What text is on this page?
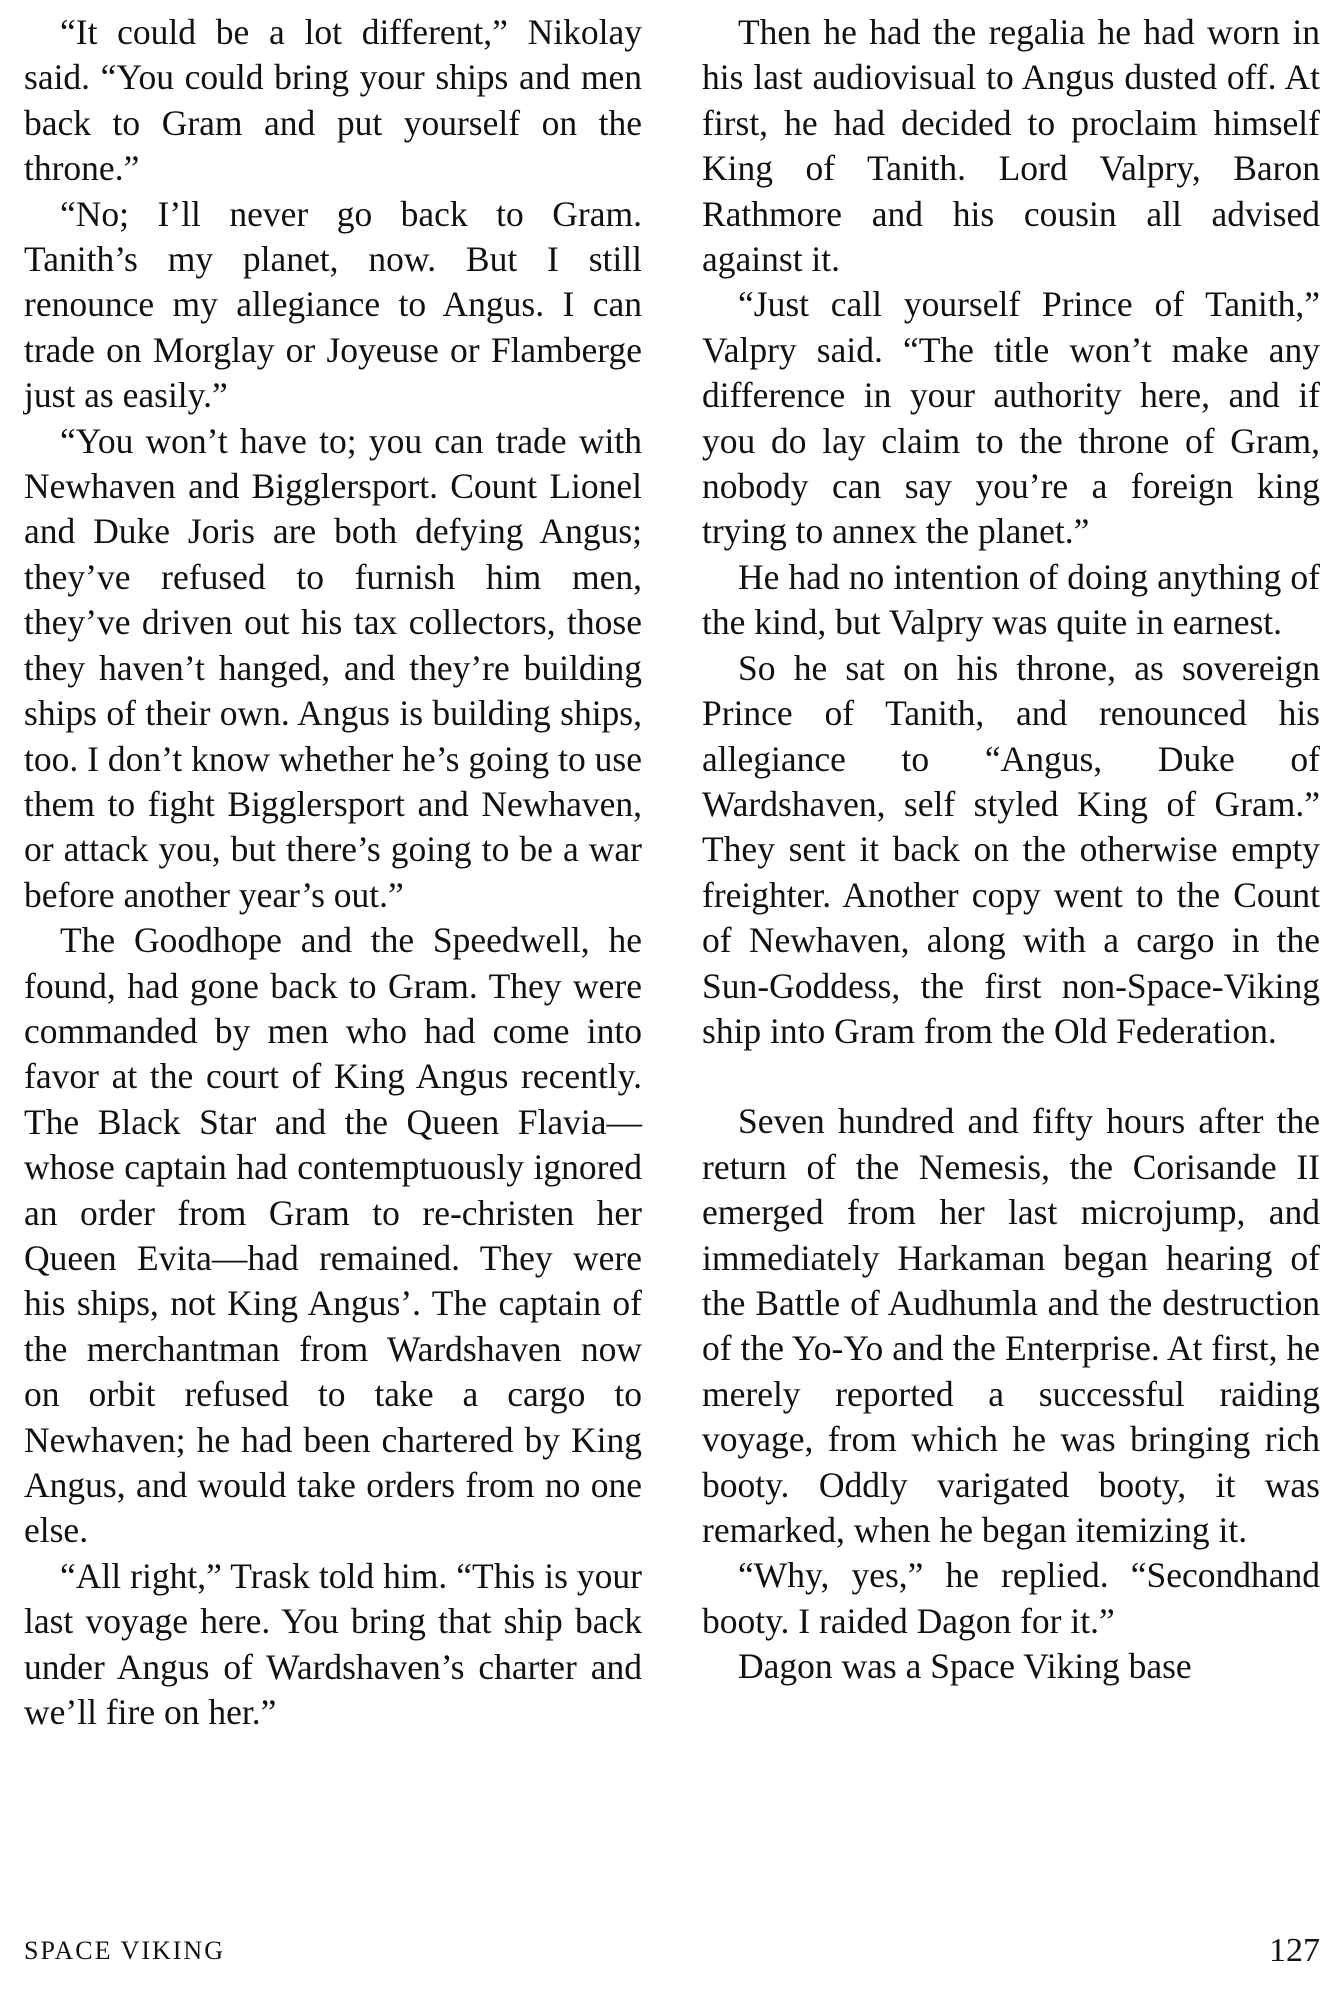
“It could be a lot different,” Nikolay said. “You could bring your ships and men back to Gram and put yourself on the throne.”

“No; I’ll never go back to Gram. Tanith’s my planet, now. But I still renounce my allegiance to Angus. I can trade on Morglay or Joyeuse or Flamberge just as easily.”

“You won’t have to; you can trade with Newhaven and Bigglersport. Count Lionel and Duke Joris are both defying Angus; they’ve refused to furnish him men, they’ve driven out his tax collectors, those they haven’t hanged, and they’re building ships of their own. Angus is building ships, too. I don’t know whether he’s going to use them to fight Bigglersport and Newhaven, or attack you, but there’s going to be a war before another year’s out.”

The Goodhope and the Speedwell, he found, had gone back to Gram. They were commanded by men who had come into favor at the court of King Angus recently. The Black Star and the Queen Flavia—whose captain had contemptuously ignored an order from Gram to re-christen her Queen Evita—had remained. They were his ships, not King Angus’. The captain of the merchantman from Wardshaven now on orbit refused to take a cargo to Newhaven; he had been chartered by King Angus, and would take orders from no one else.

“All right,” Trask told him. “This is your last voyage here. You bring that ship back under Angus of Wardshaven’s charter and we’ll fire on her.”

Then he had the regalia he had worn in his last audiovisual to Angus dusted off. At first, he had decided to proclaim himself King of Tanith. Lord Valpry, Baron Rathmore and his cousin all advised against it.

“Just call yourself Prince of Tanith,” Valpry said. “The title won’t make any difference in your authority here, and if you do lay claim to the throne of Gram, nobody can say you’re a foreign king trying to annex the planet.”

He had no intention of doing anything of the kind, but Valpry was quite in earnest.

So he sat on his throne, as sovereign Prince of Tanith, and renounced his allegiance to “Angus, Duke of Wardshaven, self styled King of Gram.” They sent it back on the otherwise empty freighter. Another copy went to the Count of Newhaven, along with a cargo in the Sun-Goddess, the first non-Space-Viking ship into Gram from the Old Federation.

Seven hundred and fifty hours after the return of the Nemesis, the Corisande II emerged from her last microjump, and immediately Harkaman began hearing of the Battle of Audhumla and the destruction of the Yo-Yo and the Enterprise. At first, he merely reported a successful raiding voyage, from which he was bringing rich booty. Oddly varigated booty, it was remarked, when he began itemizing it.

“Why, yes,” he replied. “Secondhand booty. I raided Dagon for it.”

Dagon was a Space Viking base

SPACE VIKING	127
